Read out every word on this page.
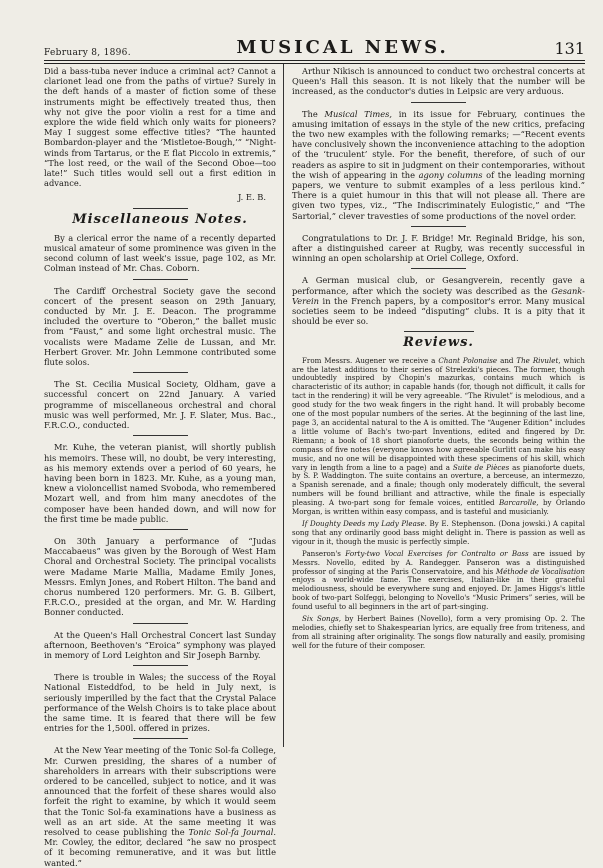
February 8, 1896.	MUSICAL NEWS.	131

Did a bass-tuba never induce a criminal act? Cannot a clarionet lead one from the paths of virtue? Surely in the deft hands of a master of fiction some of these instruments might be effectively treated thus, then why not give the poor violin a rest for a time and explore the wide field which only waits for pioneers? May I suggest some effective titles? “The haunted Bombardon-player and the ‘Mistletoe-Bough,’” “Night-winds from Tartarus, or the E flat Piccolo in extremis,” “The lost reed, or the wail of the Second Oboe—too late!” Such titles would sell out a first edition in advance.

J. E. B.
Miscellaneous Notes.

By a clerical error the name of a recently departed musical amateur of some prominence was given in the second column of last week's issue, page 102, as Mr. Colman instead of Mr. Chas. Coborn.

The Cardiff Orchestral Society gave the second concert of the present season on 29th January, conducted by Mr. J. E. Deacon. The programme included the overture to “Oberon,” the ballet music from “Faust,” and some light orchestral music. The vocalists were Madame Zelie de Lussan, and Mr. Herbert Grover. Mr. John Lemmone contributed some flute solos.

The St. Cecilia Musical Society, Oldham, gave a successful concert on 22nd January. A varied programme of miscellaneous orchestral and choral music was well performed, Mr. J. F. Slater, Mus. Bac., F.R.C.O., conducted.

Mr. Kuhe, the veteran pianist, will shortly publish his memoirs. These will, no doubt, be very interesting, as his memory extends over a period of 60 years, he having been born in 1823. Mr. Kuhe, as a young man, knew a violoncellist named Svoboda, who remembered Mozart well, and from him many anecdotes of the composer have been handed down, and will now for the first time be made public.

On 30th January a performance of “Judas Maccabaeus” was given by the Borough of West Ham Choral and Orchestral Society. The principal vocalists were Madame Marie Mallia, Madame Emily Jones, Messrs. Emlyn Jones, and Robert Hilton. The band and chorus numbered 120 performers. Mr. G. B. Gilbert, F.R.C.O., presided at the organ, and Mr. W. Harding Bonner conducted.

At the Queen's Hall Orchestral Concert last Sunday afternoon, Beethoven's “Eroica” symphony was played in memory of Lord Leighton and Sir Joseph Barnby.

There is trouble in Wales; the success of the Royal National Eisteddfod, to be held in July next, is seriously imperilled by the fact that the Crystal Palace performance of the Welsh Choirs is to take place about the same time. It is feared that there will be few entries for the 1,500l. offered in prizes.

At the New Year meeting of the Tonic Sol-fa College, Mr. Curwen presiding, the shares of a number of shareholders in arrears with their subscriptions were ordered to be cancelled, subject to notice, and it was announced that the forfeit of these shares would also forfeit the right to examine, by which it would seem that the Tonic Sol-fa examinations have a business as well as an art side. At the same meeting it was resolved to cease publishing the Tonic Sol-fa Journal. Mr. Cowley, the editor, declared “he saw no prospect of it becoming remunerative, and it was but little wanted.”

Arthur Nikisch is announced to conduct two orchestral concerts at Queen's Hall this season. It is not likely that the number will be increased, as the conductor's duties in Leipsic are very arduous.

The Musical Times, in its issue for February, continues the amusing imitation of essays in the style of the new critics, prefacing the two new examples with the following remarks; —“Recent events have conclusively shown the inconvenience attaching to the adoption of the ‘truculent’ style. For the benefit, therefore, of such of our readers as aspire to sit in judgment on their contemporaries, without the wish of appearing in the agony columns of the leading morning papers, we venture to submit examples of a less perilous kind.” There is a quiet humour in this that will not please all. There are given two types, viz., “The Indiscriminately Eulogistic,” and “The Sartorial,” clever travesties of some productions of the novel order.

Congratulations to Dr. J. F. Bridge! Mr. Reginald Bridge, his son, after a distinguished career at Rugby, was recently successful in winning an open scholarship at Oriel College, Oxford.

A German musical club, or Gesangverein, recently gave a performance, after which the society was described as the Gesank-Verein in the French papers, by a compositor's error. Many musical societies seem to be indeed “disputing” clubs. It is a pity that it should be ever so.

Reviews.

From Messrs. Augener we receive a Chant Polonaise and The Rivulet, which are the latest additions to their series of Strelezki's pieces. The former, though undoubtedly inspired by Chopin's mazurkas, contains much which is characteristic of its author; in capable hands (for, though not difficult, it calls for tact in the rendering) it will be very agreeable. “The Rivulet” is melodious, and a good study for the two weak fingers in the right hand. It will probably become one of the most popular numbers of the series. At the beginning of the last line, page 3, an accidental natural to the A is omitted. The “Augener Edition” includes a little volume of Bach's two-part Inventions, edited and fingered by Dr. Riemann; a book of 18 short pianoforte duets, the seconds being within the compass of five notes (everyone knows how agreeable Gurlitt can make his easy music, and no one will be disappointed with these specimens of his skill, which vary in length from a line to a page) and a Suite de Pièces as pianoforte duets, by S. P. Waddington. The suite contains an overture, a berceuse, an intermezzo, a Spanish serenade, and a finale; though only moderately difficult, the several numbers will be found brilliant and attractive, while the finale is especially pleasing. A two-part song for female voices, entitled Barcarolle, by Orlando Morgan, is written within easy compass, and is tasteful and musicianly.

If Doughty Deeds my Lady Please. By E. Stephenson. (Dona jowski.) A capital song that any ordinarily good bass might delight in. There is passion as well as vigour in it, though the music is perfectly simple.

Panseron's Forty-two Vocal Exercises for Contralto or Bass are issued by Messrs. Novello, edited by A. Randegger. Panseron was a distinguished professor of singing at the Paris Conservatoire, and his Méthode de Vocalisation enjoys a world-wide fame. The exercises, Italian-like in their graceful melodiousness, should be everywhere sung and enjoyed. Dr. James Higgs's little book of two-part Solfeggi, belonging to Novello's “Music Primers” series, will be found useful to all beginners in the art of part-singing.

Six Songs, by Herbert Baines (Novello), form a very promising Op. 2. The melodies, chiefly set to Shakespearian lyrics, are equally free from triteness, and from all straining after originality. The songs flow naturally and easily, promising well for the future of their composer.
